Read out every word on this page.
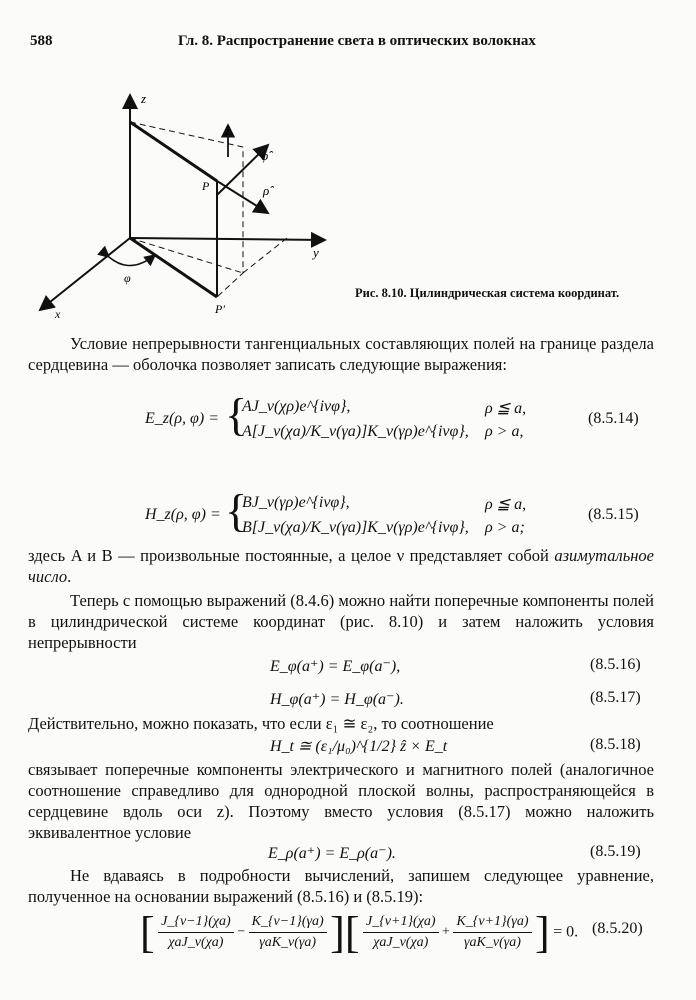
588	Гл. 8. Распространение света в оптических волокнах
z
ẑ
φ̂
P	ρ̂
y
φ
x	P′
Рис. 8.10. Цилиндрическая система координат.
Условие непрерывности тангенциальных составляющих полей на границе раздела сердцевина — оболочка позволяет записать следующие выражения:
E_z(ρ, φ) = {
AJ_ν(χρ)e^{iνφ},	ρ ≦ a,
A[J_ν(χa)/K_ν(γa)]K_ν(γρ)e^{iνφ}, ρ > a,
(8.5.14)
H_z(ρ, φ) = {
BJ_ν(γρ)e^{iνφ},	ρ ≦ a,
B[J_ν(χa)/K_ν(γa)]K_ν(γρ)e^{iνφ}, ρ > a;
(8.5.15)
здесь A и B — произвольные постоянные, а целое ν представляет собой азимутальное число.
Теперь с помощью выражений (8.4.6) можно найти поперечные компоненты полей в цилиндрической системе координат (рис. 8.10) и затем наложить условия непрерывности
E_φ(a⁺) = E_φ(a⁻),	(8.5.16)
H_φ(a⁺) = H_φ(a⁻).	(8.5.17)
Действительно, можно показать, что если ε₁ ≅ ε₂, то соотношение
H_t ≅ (ε₁/μ₀)^{1/2} ẑ × E_t	(8.5.18)
связывает поперечные компоненты электрического и магнитного полей (аналогичное соотношение справедливо для однородной плоской волны, распространяющейся в сердцевине вдоль оси z). Поэтому вместо условия (8.5.17) можно наложить эквивалентное условие
E_ρ(a⁺) = E_ρ(a⁻).	(8.5.19)
Не вдаваясь в подробности вычислений, запишем следующее уравнение, полученное на основании выражений (8.5.16) и (8.5.19):
[ $\frac{J\_\{\nu-1\}(\chi a)}{\text{χaJ\_ν(χa)}} - \frac{K\_\{\nu-1\}(\gamma a)}{\text{γaK\_ν(γa)}}$ ][ $\frac{J\_\{\nu+1\}(\chi a)}{\text{χaJ\_ν(χa)}} + \frac{K\_\{\nu+1\}(\gamma a)}{\text{γaK\_ν(γa)}}$ ] = 0. (8.5.20)
